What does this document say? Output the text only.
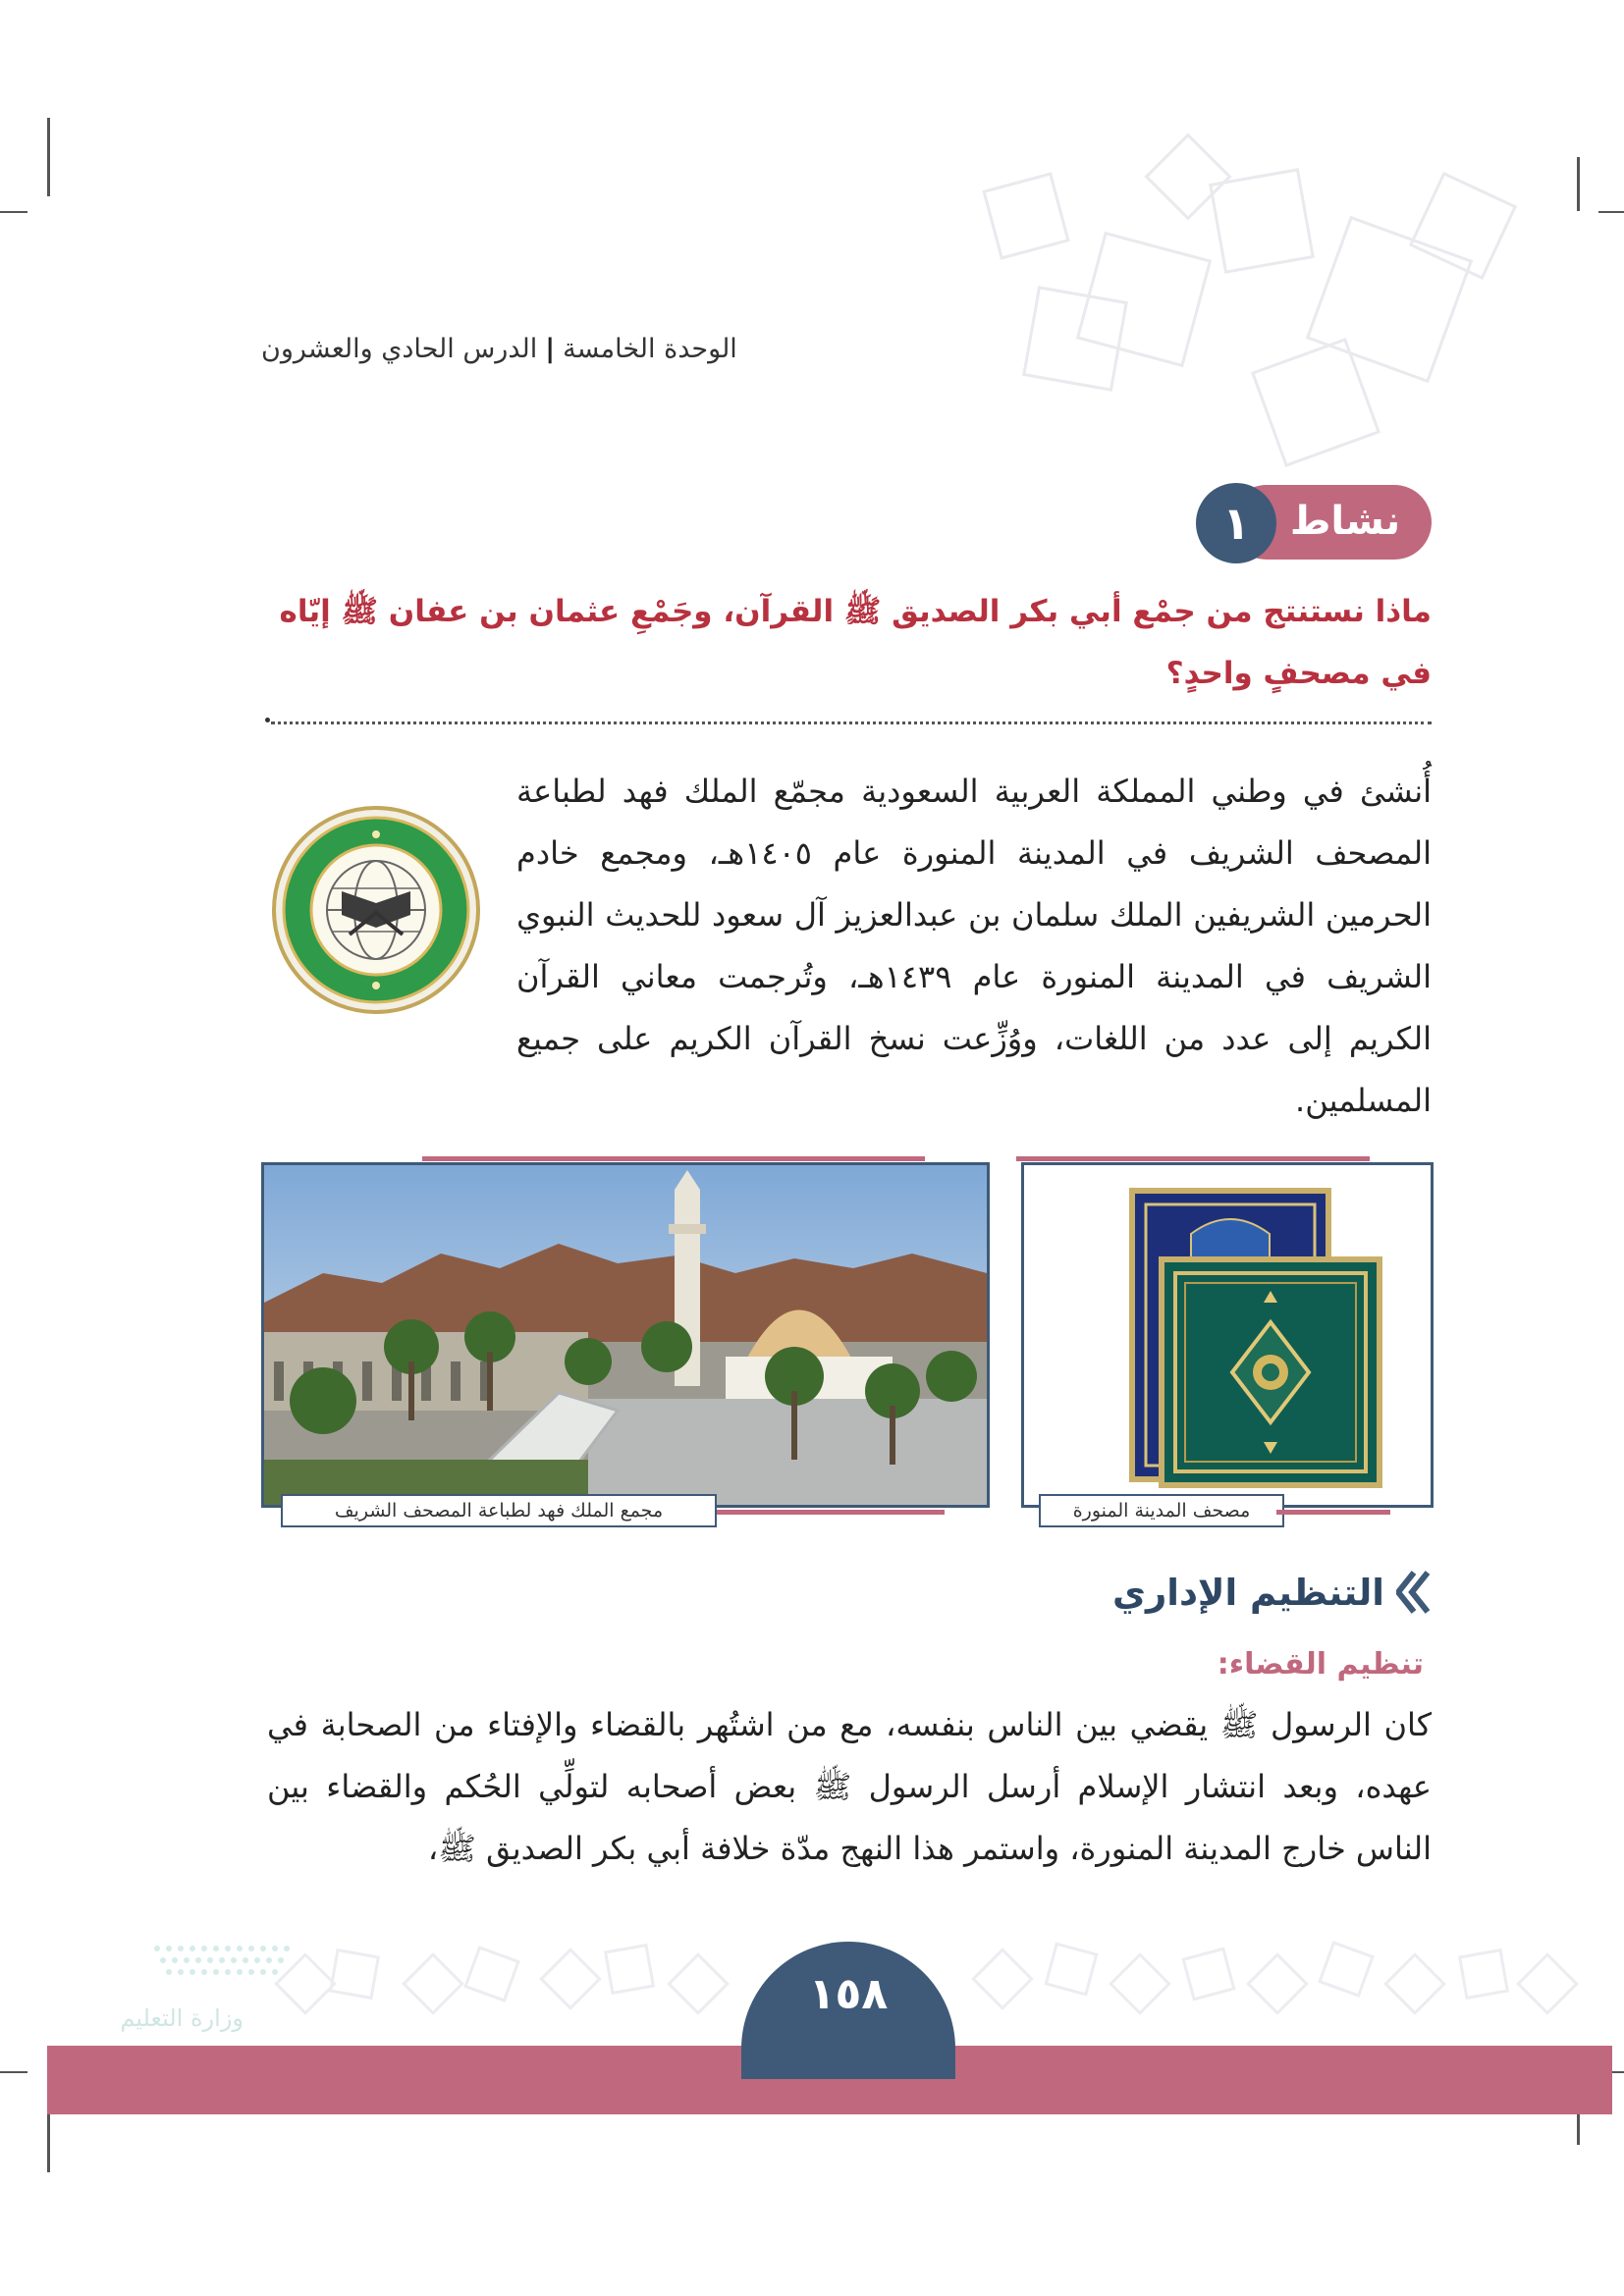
الوحدة الخامسة|الدرس الحادي والعشرون
نشاط
١
ماذا نستنتج من جمْع أبي بكر الصديق ﷺ القرآن، وجَمْعِ عثمان بن عفان ﷺ إيّاه في مصحفٍ واحدٍ؟
أُنشئ في وطني المملكة العربية السعودية مجمّع الملك فهد لطباعة المصحف الشريف في المدينة المنورة عام ١٤٠٥هـ، ومجمع خادم الحرمين الشريفين الملك سلمان بن عبدالعزيز آل سعود للحديث النبوي الشريف في المدينة المنورة عام ١٤٣٩هـ، وتُرجمت معاني القرآن الكريم إلى عدد من اللغات، ووُزِّعت نسخ القرآن الكريم على جميع المسلمين.
مصحف المدينة المنورة
مجمع الملك فهد لطباعة المصحف الشريف
التنظيم الإداري
تنظيم القضاء:
كان الرسول ﷺ يقضي بين الناس بنفسه، مع من اشتُهر بالقضاء والإفتاء من الصحابة في عهده، وبعد انتشار الإسلام أرسل الرسول ﷺ بعض أصحابه لتولِّي الحُكم والقضاء بين الناس خارج المدينة المنورة، واستمر هذا النهج مدّة خلافة أبي بكر الصديق ﷺ،
١٥٨
وزارة التعليم
